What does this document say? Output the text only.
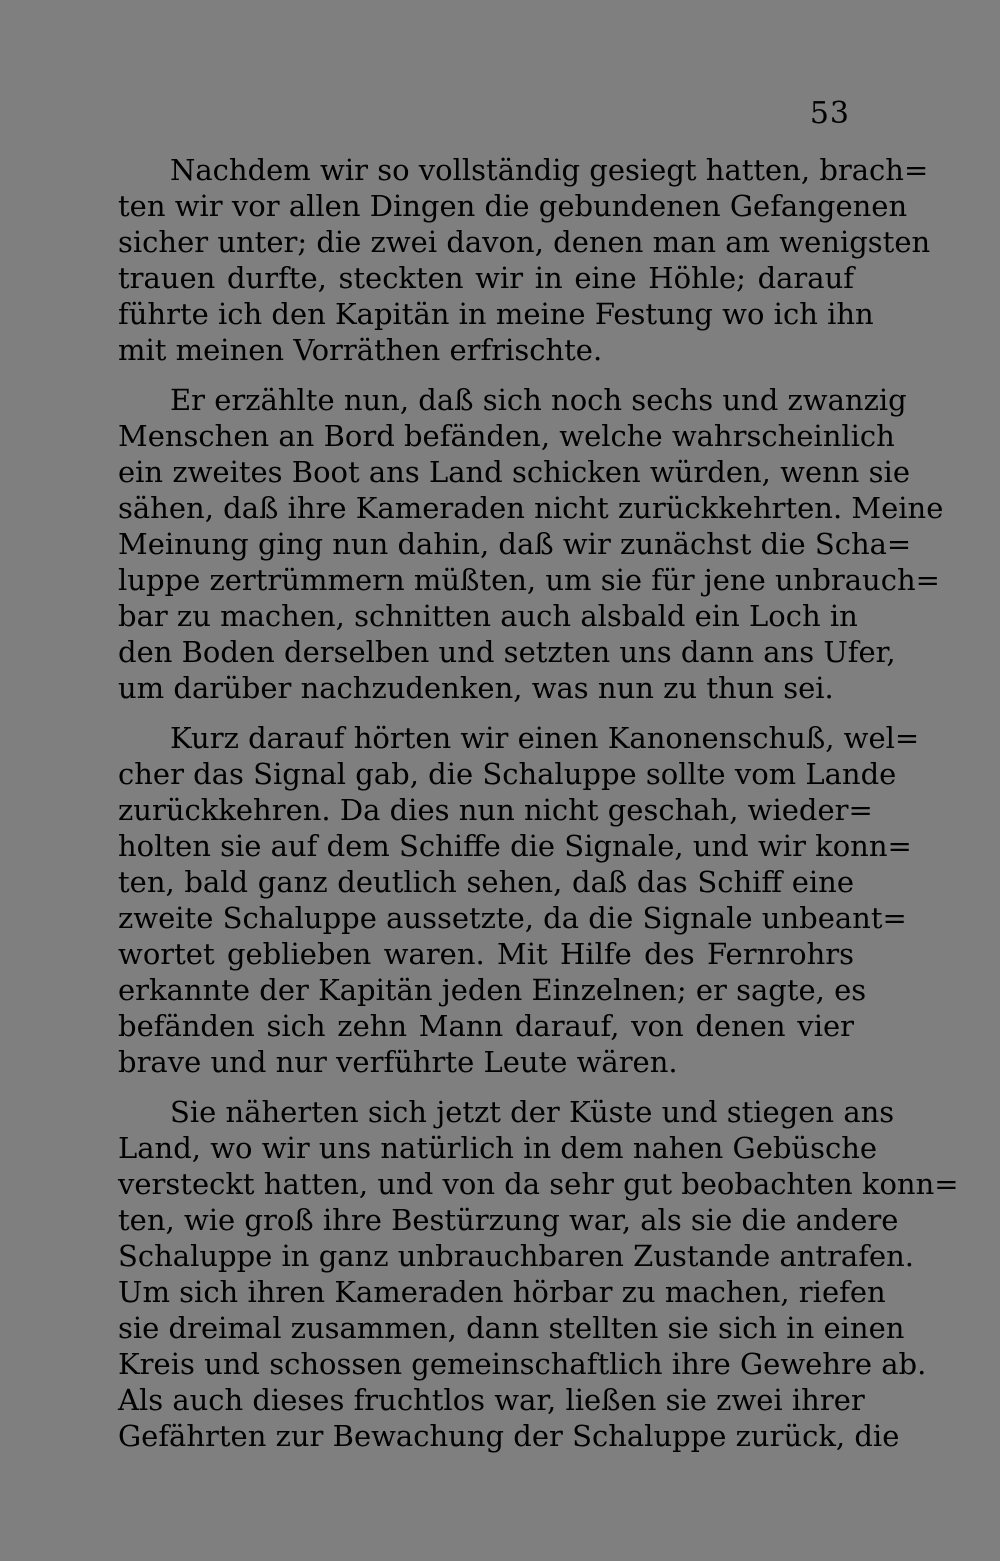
53
Nachdem wir so vollständig gesiegt hatten, brach=
ten wir vor allen Dingen die gebundenen Gefangenen
sicher unter; die zwei davon, denen man am wenigsten
trauen durfte, steckten wir in eine Höhle; darauf
führte ich den Kapitän in meine Festung wo ich ihn
mit meinen Vorräthen erfrischte.
Er erzählte nun, daß sich noch sechs und zwanzig
Menschen an Bord befänden, welche wahrscheinlich
ein zweites Boot ans Land schicken würden, wenn sie
sähen, daß ihre Kameraden nicht zurückkehrten. Meine
Meinung ging nun dahin, daß wir zunächst die Scha=
luppe zertrümmern müßten, um sie für jene unbrauch=
bar zu machen, schnitten auch alsbald ein Loch in
den Boden derselben und setzten uns dann ans Ufer,
um darüber nachzudenken, was nun zu thun sei.
Kurz darauf hörten wir einen Kanonenschuß, wel=
cher das Signal gab, die Schaluppe sollte vom Lande
zurückkehren. Da dies nun nicht geschah, wieder=
holten sie auf dem Schiffe die Signale, und wir konn=
ten, bald ganz deutlich sehen, daß das Schiff eine
zweite Schaluppe aussetzte, da die Signale unbeant=
wortet geblieben waren. Mit Hilfe des Fernrohrs
erkannte der Kapitän jeden Einzelnen; er sagte, es
befänden sich zehn Mann darauf, von denen vier
brave und nur verführte Leute wären.
Sie näherten sich jetzt der Küste und stiegen ans
Land, wo wir uns natürlich in dem nahen Gebüsche
versteckt hatten, und von da sehr gut beobachten konn=
ten, wie groß ihre Bestürzung war, als sie die andere
Schaluppe in ganz unbrauchbaren Zustande antrafen.
Um sich ihren Kameraden hörbar zu machen, riefen
sie dreimal zusammen, dann stellten sie sich in einen
Kreis und schossen gemeinschaftlich ihre Gewehre ab.
Als auch dieses fruchtlos war, ließen sie zwei ihrer
Gefährten zur Bewachung der Schaluppe zurück, die
